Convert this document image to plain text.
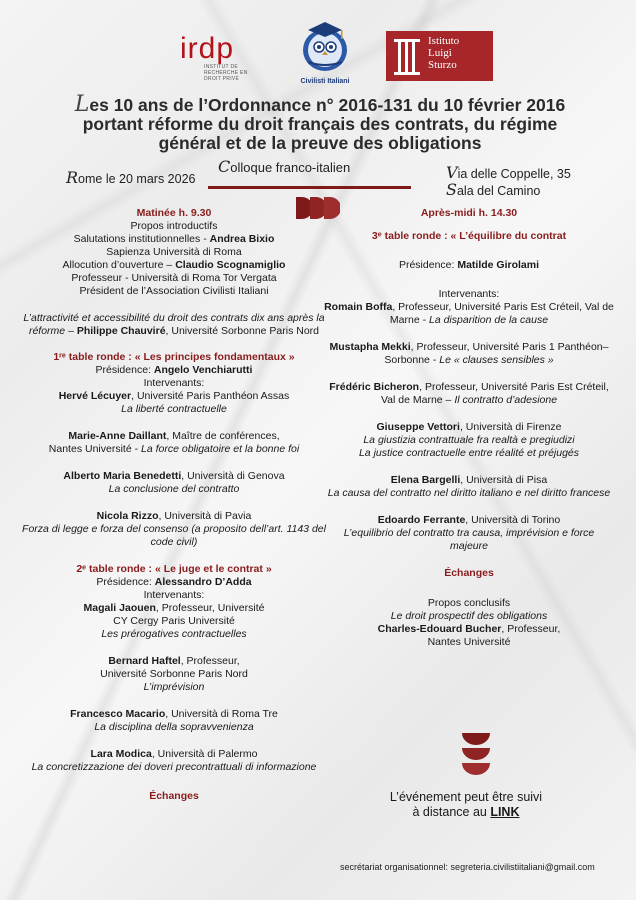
irdp
INSTITUT DE RECHERCHE EN DROIT PRIVÉ	Civilisti Italiani
Istituto
Luigi
Sturzo
Les 10 ans de l’Ordonnance n° 2016-131 du 10 février 2016 portant réforme du droit français des contrats, du régime général et de la preuve des obligations
Colloque franco-italien
Rome le 20 mars 2026	Via delle Coppelle, 35
Sala del Camino
Matinée h. 9.30
Propos introductifs
Salutations institutionnelles - Andrea Bixio
Sapienza Università di Roma
Allocution d’ouverture – Claudio Scognamiglio
Professeur - Università di Roma Tor Vergata
Président de l’Association Civilisti Italiani
L’attractivité et accessibilité du droit des contrats dix ans après la réforme – Philippe Chauviré, Université Sorbonne Paris Nord
1ʳᵉ table ronde : « Les principes fondamentaux »
Présidence: Angelo Venchiarutti
Intervenants:
Hervé Lécuyer, Université Paris Panthéon Assas
La liberté contractuelle
Marie-Anne Daillant, Maître de conférences,
Nantes Université - La force obligatoire et la bonne foi
Alberto Maria Benedetti, Università di Genova
La conclusione del contratto
Nicola Rizzo, Università di Pavia
Forza di legge e forza del consenso (a proposito dell’art. 1143 del code civil)
2ᵉ table ronde : « Le juge et le contrat »
Présidence: Alessandro D’Adda
Intervenants:
Magali Jaouen, Professeur, Université
CY Cergy Paris Université
Les prérogatives contractuelles
Bernard Haftel, Professeur,
Université Sorbonne Paris Nord
L’imprévision
Francesco Macario, Università di Roma Tre
La disciplina della sopravvenienza
Lara Modica, Università di Palermo
La concretizzazione dei doveri precontrattuali di informazione
Échanges
Après-midi h. 14.30
3ᵉ table ronde : « L’équilibre du contrat
Présidence: Matilde Girolami
Intervenants:
Romain Boffa, Professeur, Université Paris Est Créteil, Val de Marne - La disparition de la cause
Mustapha Mekki, Professeur, Université Paris 1 Panthéon–Sorbonne - Le « clauses sensibles »
Frédéric Bicheron, Professeur, Université Paris Est Créteil, Val de Marne – Il contratto d’adesione
Giuseppe Vettori, Università di Firenze
La giustizia contrattuale fra realtà e pregiudizi
La justice contractuelle entre réalité et préjugés
Elena Bargelli, Università di Pisa
La causa del contratto nel diritto italiano e nel diritto francese
Edoardo Ferrante, Università di Torino
L’equilibrio del contratto tra causa, imprévision e force majeure
Échanges
Propos conclusifs
Le droit prospectif des obligations
Charles-Edouard Bucher, Professeur,
Nantes Université
L’événement peut être suivi
à distance au LINK
secrétariat organisationnel: segreteria.civilistiitaliani@gmail.com
